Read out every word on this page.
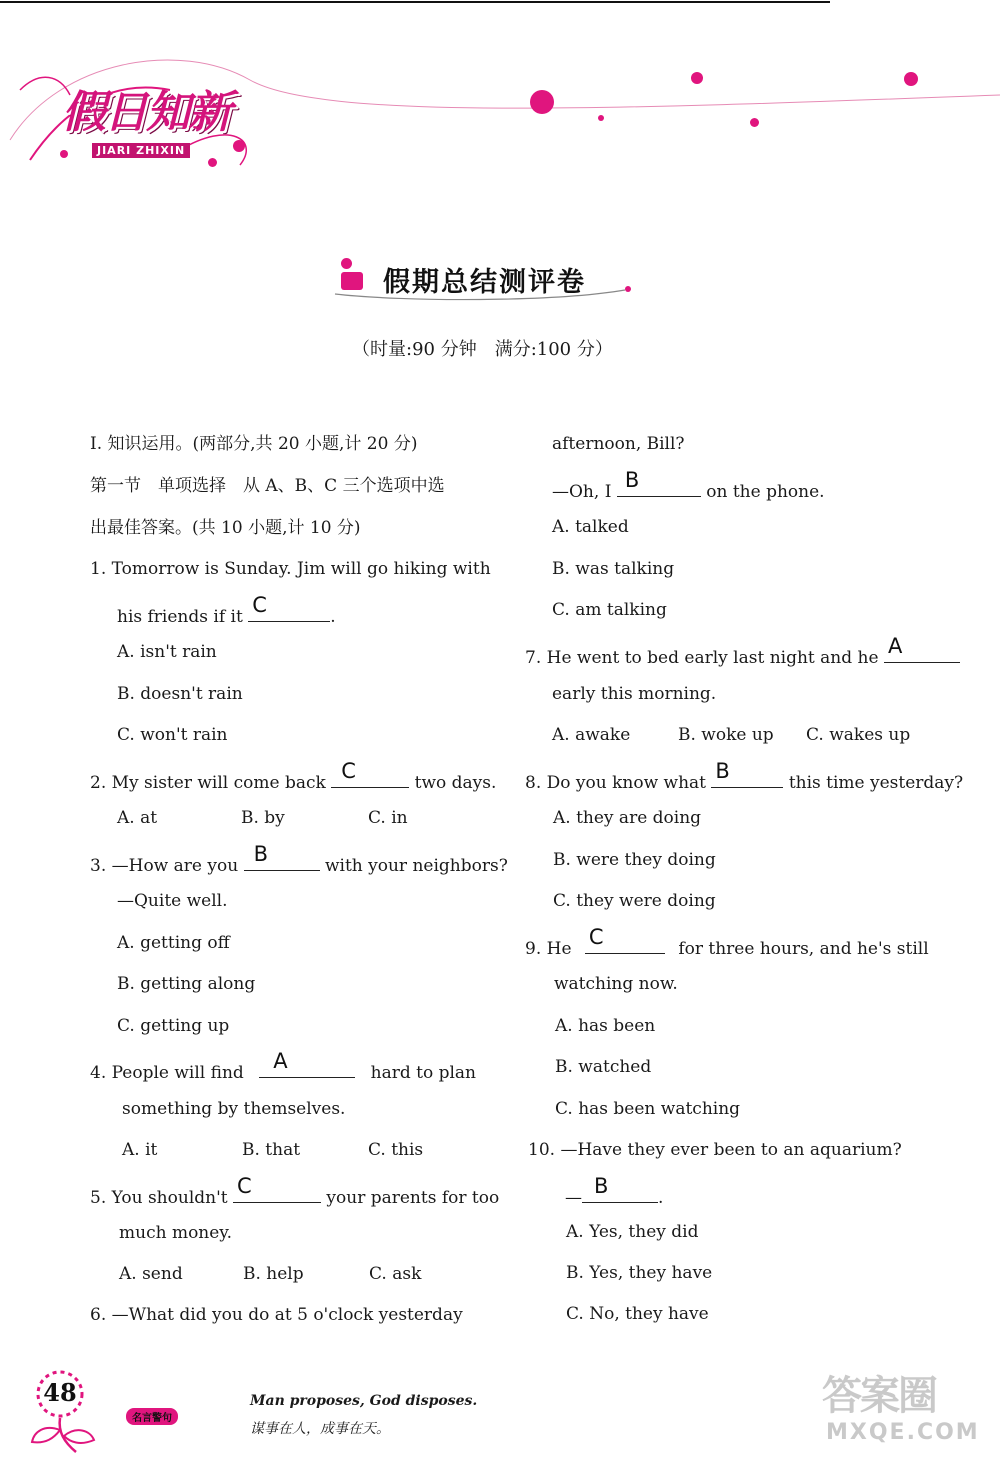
假日知新
JIARI ZHIXIN
假期总结测评卷
（时量:90 分钟　满分:100 分）
Ⅰ. 知识运用。(两部分,共 20 小题,计 20 分)
第一节　单项选择　从 A、B、C 三个选项中选
出最佳答案。(共 10 小题,计 10 分)
1. Tomorrow is Sunday. Jim will go hiking with
his friends if it C	.
A. isn't rain
B. doesn't rain
C. won't rain
2. My sister will come back C	two days.
A. at	B. by	C. in
3. —How are you B	with your neighbors?
—Quite well.
A. getting off
B. getting along
C. getting up
4. People will find A	hard to plan
something by themselves.
A. it	B. that	C. this
5. You shouldn't C	your parents for too
much money.
A. send	B. help	C. ask
6. —What did you do at 5 o'clock yesterday
afternoon, Bill?
—Oh, I B	on the phone.
A. talked
B. was talking
C. am talking
7. He went to bed early last night and he A
early this morning.
A. awake	B. woke up C. wakes up
8. Do you know what B	this time yesterday?
A. they are doing
B. were they doing
C. they were doing
9. He C	for three hours, and he's still
watching now.
A. has been
B. watched
C. has been watching
10. —Have they ever been to an aquarium?
— B	.
A. Yes, they did
B. Yes, they have
C. No, they have
48
名言警句
Man proposes, God disposes.
谋事在人，成事在天。
答案圈
MXQE.COM
